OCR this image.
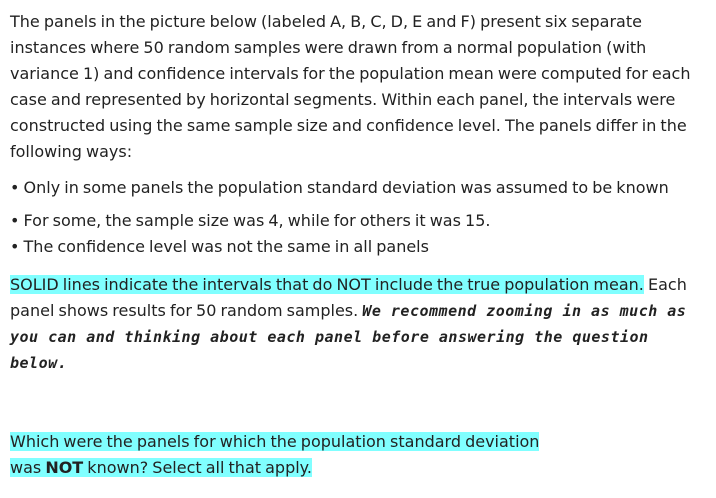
The panels in the picture below (labeled A, B, C, D, E and F) present six separate instances where 50 random samples were drawn from a normal population (with variance 1) and confidence intervals for the population mean were computed for each case and represented by horizontal segments. Within each panel, the intervals were constructed using the same sample size and confidence level. The panels differ in the following ways:

• Only in some panels the population standard deviation was assumed to be known
• For some, the sample size was 4, while for others it was 15.
• The confidence level was not the same in all panels

SOLID lines indicate the intervals that do NOT include the true population mean. Each panel shows results for 50 random samples. We recommend zooming in as much as you can and thinking about each panel before answering the question below.

Which were the panels for which the population standard deviation was NOT known? Select all that apply.
